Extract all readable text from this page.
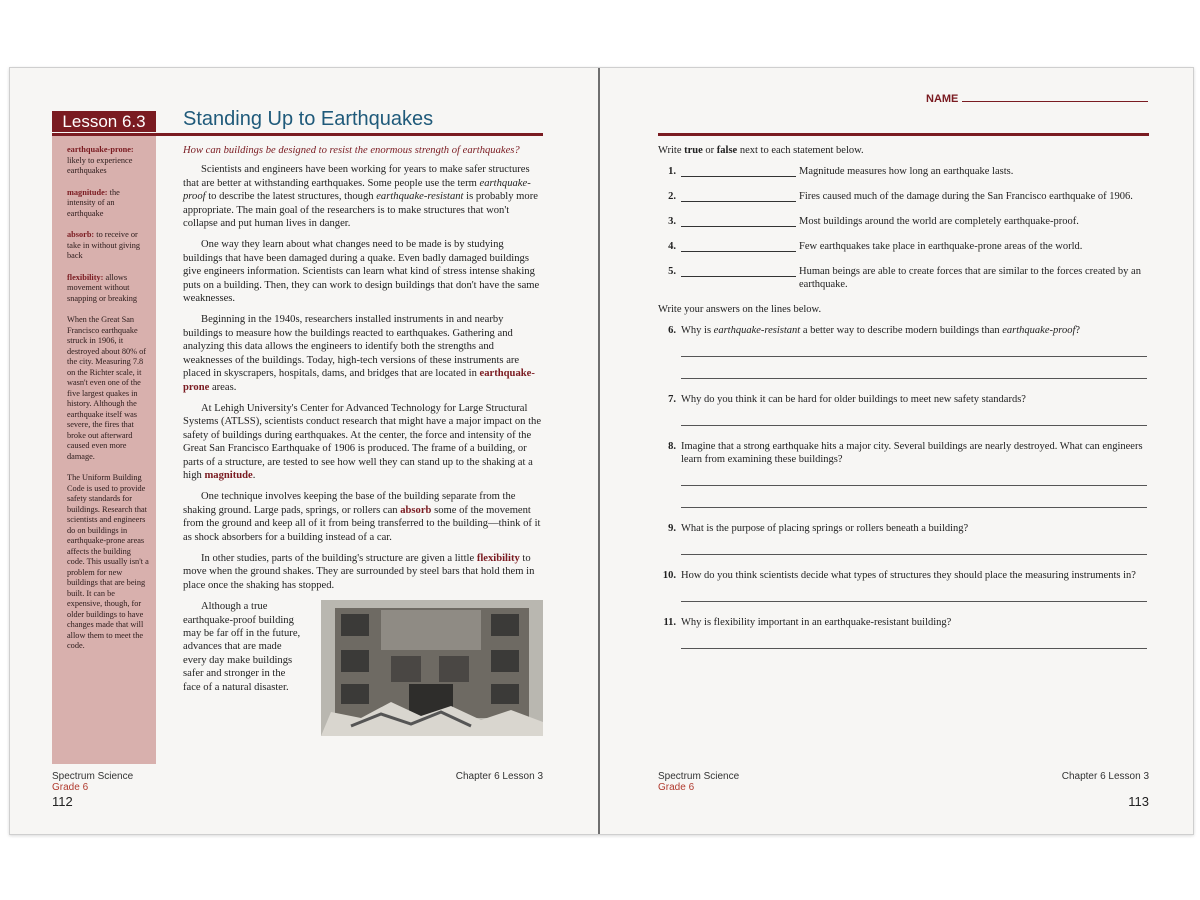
Lesson 6.3	Standing Up to Earthquakes

earthquake-prone: likely to experience earthquakes

magnitude: the intensity of an earthquake

absorb: to receive or take in without giving back

flexibility: allows movement without snapping or breaking

When the Great San Francisco earthquake struck in 1906, it destroyed about 80% of the city. Measuring 7.8 on the Richter scale, it wasn't even one of the five largest quakes in history. Although the earthquake itself was severe, the fires that broke out afterward caused even more damage.

The Uniform Building Code is used to provide safety standards for buildings. Research that scientists and engineers do on buildings in earthquake-prone areas affects the building code. This usually isn't a problem for new buildings that are being built. It can be expensive, though, for older buildings to have changes made that will allow them to meet the code.

How can buildings be designed to resist the enormous strength of earthquakes?

Scientists and engineers have been working for years to make safer structures that are better at withstanding earthquakes. Some people use the term earthquake-proof to describe the latest structures, though earthquake-resistant is probably more appropriate. The main goal of the researchers is to make structures that won't collapse and put human lives in danger.

One way they learn about what changes need to be made is by studying buildings that have been damaged during a quake. Even badly damaged buildings give engineers information. Scientists can learn what kind of stress intense shaking puts on a building. Then, they can work to design buildings that don't have the same weaknesses.

Beginning in the 1940s, researchers installed instruments in and nearby buildings to measure how the buildings reacted to earthquakes. Gathering and analyzing this data allows the engineers to identify both the strengths and weaknesses of the buildings. Today, high-tech versions of these instruments are placed in skyscrapers, hospitals, dams, and bridges that are located in earthquake-prone areas.

At Lehigh University's Center for Advanced Technology for Large Structural Systems (ATLSS), scientists conduct research that might have a major impact on the safety of buildings during earthquakes. At the center, the force and intensity of the Great San Francisco Earthquake of 1906 is produced. The frame of a building, or parts of a structure, are tested to see how well they can stand up to the shaking at a high magnitude.

One technique involves keeping the base of the building separate from the shaking ground. Large pads, springs, or rollers can absorb some of the movement from the ground and keep all of it from being transferred to the building—think of it as shock absorbers for a building instead of a car.

In other studies, parts of the building's structure are given a little flexibility to move when the ground shakes. They are surrounded by steel bars that hold them in place once the shaking has stopped.

Although a true earthquake-proof building may be far off in the future, advances that are made every day make buildings safer and stronger in the face of a natural disaster.
Spectrum Science
Grade 6
112
Chapter 6 Lesson 3
NAME
Write true or false next to each statement below.
1.	Magnitude measures how long an earthquake lasts.
2.	Fires caused much of the damage during the San Francisco earthquake of 1906.
3.	Most buildings around the world are completely earthquake-proof.
4.	Few earthquakes take place in earthquake-prone areas of the world.
5.	Human beings are able to create forces that are similar to the forces created by an earthquake.
Write your answers on the lines below.
6. Why is earthquake-resistant a better way to describe modern buildings than earthquake-proof?
7. Why do you think it can be hard for older buildings to meet new safety standards?
8. Imagine that a strong earthquake hits a major city. Several buildings are nearly destroyed. What can engineers learn from examining these buildings?
9. What is the purpose of placing springs or rollers beneath a building?
10. How do you think scientists decide what types of structures they should place the measuring instruments in?
11. Why is flexibility important in an earthquake-resistant building?
Spectrum Science
Grade 6
113
Chapter 6 Lesson 3
